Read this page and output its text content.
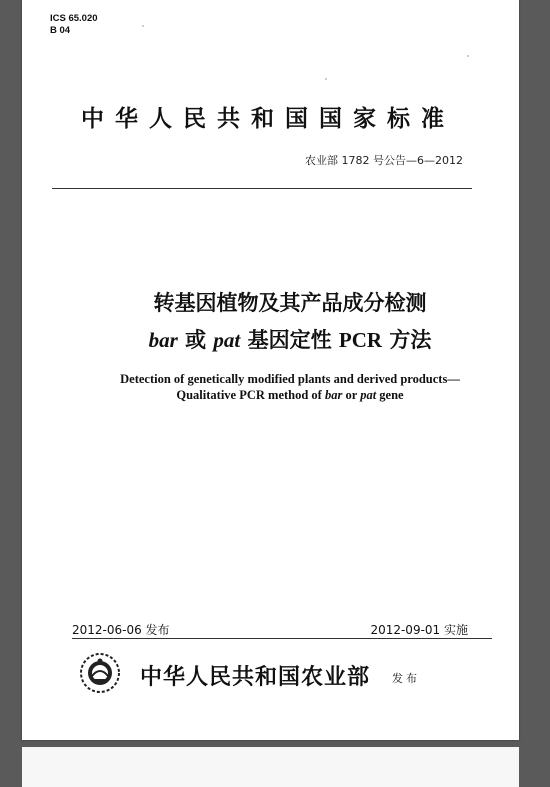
ICS 65.020
B 04
中华人民共和国国家标准
农业部 1782 号公告—6—2012
转基因植物及其产品成分检测
bar 或 pat 基因定性 PCR 方法
Detection of genetically modified plants and derived products—
Qualitative PCR method of bar or pat gene
2012-06-06 发布	2012-09-01 实施
中华人民共和国农业部 发布
